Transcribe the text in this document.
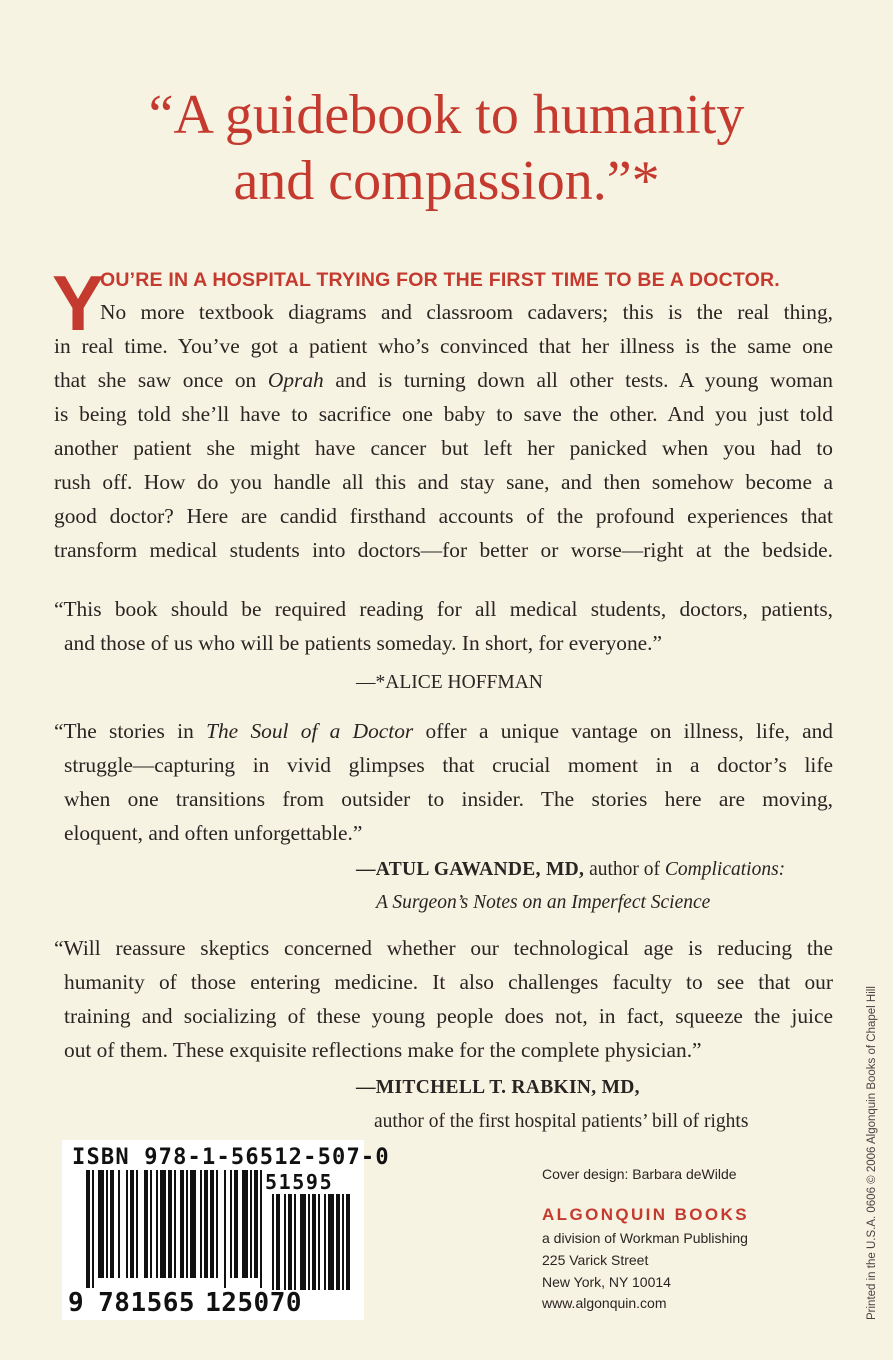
“A guidebook to humanity
and compassion.”*
Y
OU’RE IN A HOSPITAL TRYING FOR THE FIRST TIME TO BE A DOCTOR.
No more textbook diagrams and classroom cadavers; this is the real thing,
in real time. You’ve got a patient who’s convinced that her illness is the same one
that she saw once on Oprah and is turning down all other tests. A young woman
is being told she’ll have to sacrifice one baby to save the other. And you just told
another patient she might have cancer but left her panicked when you had to
rush off. How do you handle all this and stay sane, and then somehow become a
good doctor? Here are candid firsthand accounts of the profound experiences that
transform medical students into doctors—for better or worse—right at the bedside.
“This book should be required reading for all medical students, doctors, patients,
and those of us who will be patients someday. In short, for everyone.”
—*ALICE HOFFMAN
“The stories in The Soul of a Doctor offer a unique vantage on illness, life, and
struggle—capturing in vivid glimpses that crucial moment in a doctor’s life
when one transitions from outsider to insider. The stories here are moving,
eloquent, and often unforgettable.”
—ATUL GAWANDE, MD, author of Complications:
A Surgeon’s Notes on an Imperfect Science
“Will reassure skeptics concerned whether our technological age is reducing the
humanity of those entering medicine. It also challenges faculty to see that our
training and socializing of these young people does not, in fact, squeeze the juice
out of them. These exquisite reflections make for the complete physician.”
—MITCHELL T. RABKIN, MD,
author of the first hospital patients’ bill of rights
ISBN 978-1-56512-507-0
51595
9 781565 125070
Cover design: Barbara deWilde
ALGONQUIN BOOKS
a division of Workman Publishing
225 Varick Street
New York, NY 10014
www.algonquin.com	Printed in the U.S.A. 0606 © 2006 Algonquin Books of Chapel Hill
